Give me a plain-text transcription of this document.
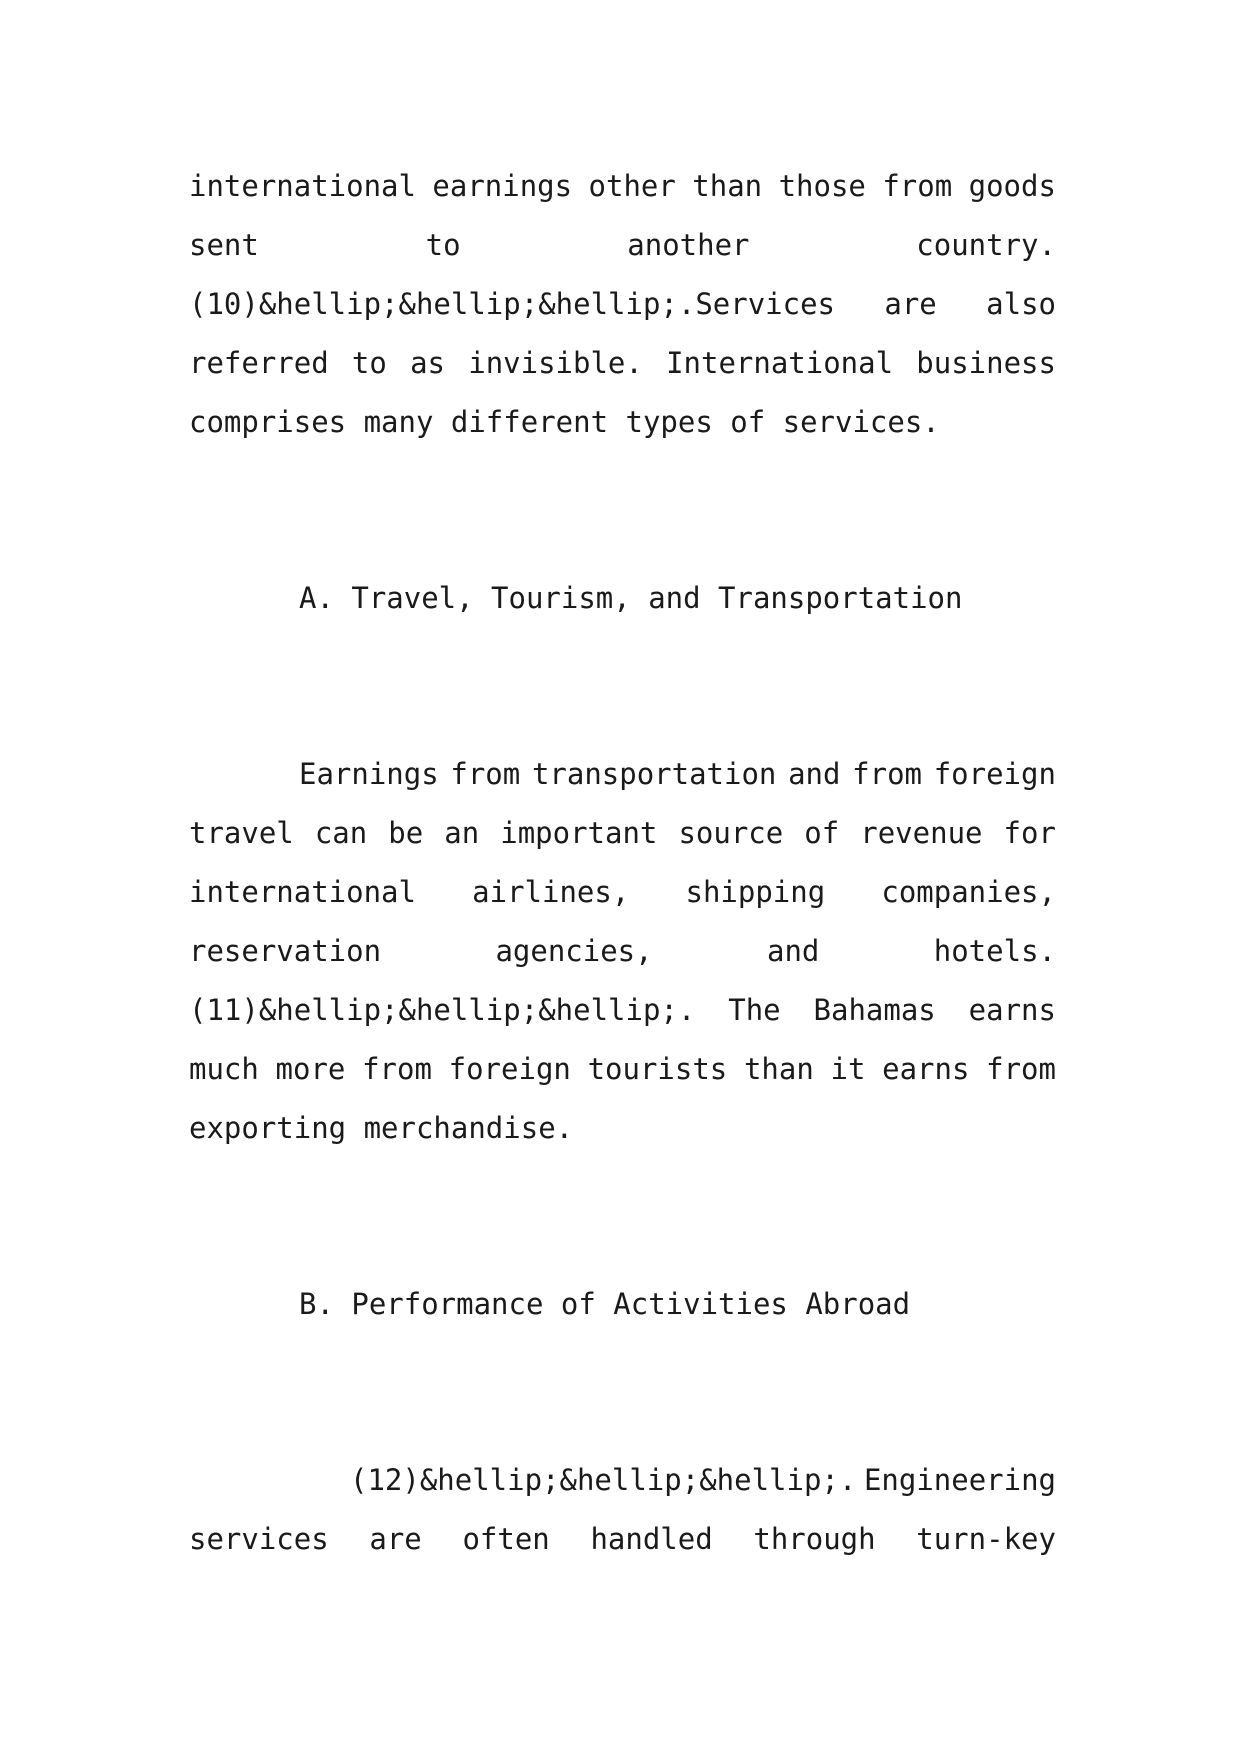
international earnings other than those from goods
sent	to	another	country.
(10)&hellip;&hellip;&hellip;.Services are also
referred to as invisible. International business
comprises many different types of services.
A. Travel, Tourism, and Transportation
Earnings from transportation and from foreign
travel can be an important source of revenue for
international airlines, shipping companies,
reservation	agencies,	and	hotels.
(11)&hellip;&hellip;&hellip;. The Bahamas earns
much more from foreign tourists than it earns from
exporting merchandise.
B. Performance of Activities Abroad
(12)&hellip;&hellip;&hellip;. Engineering
services are often handled through turn-key
